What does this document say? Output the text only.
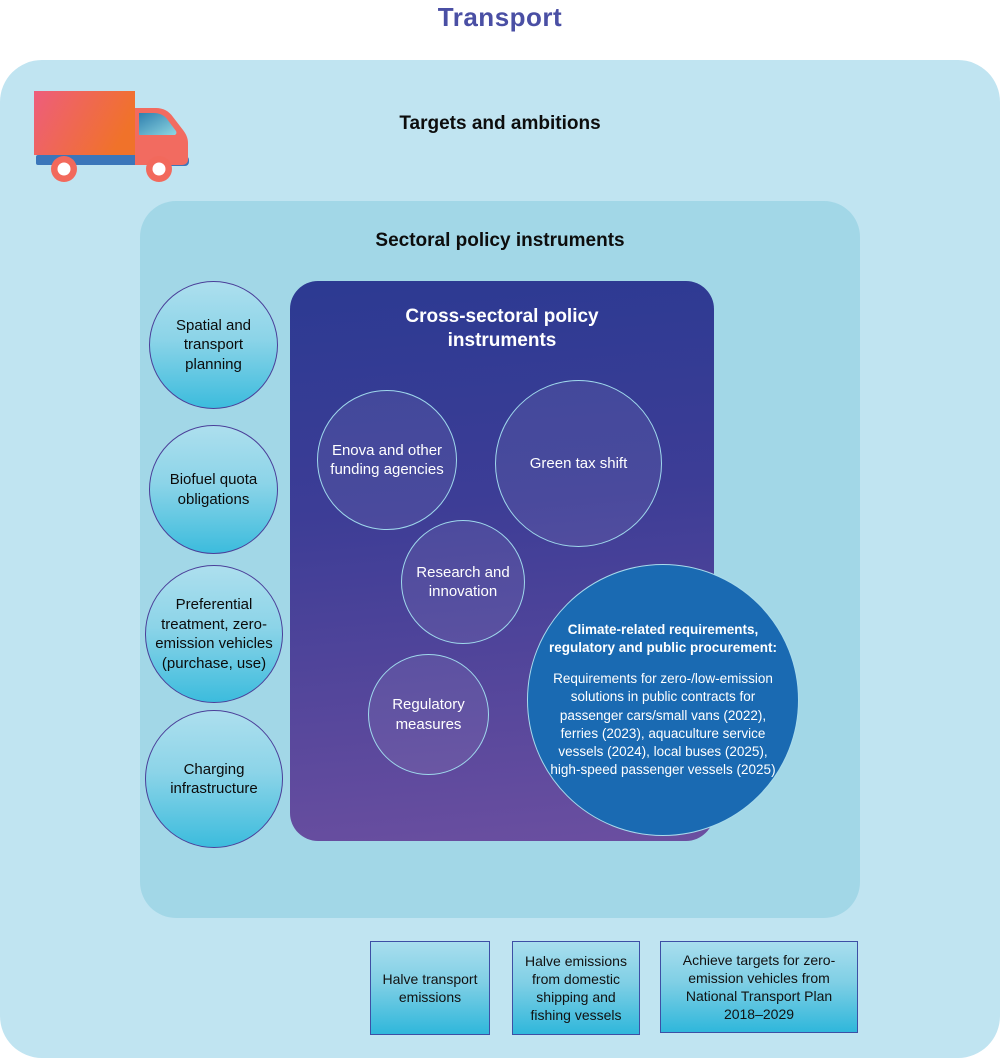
Transport
Targets and ambitions
Sectoral policy instruments
Spatial and transport planning
Biofuel quota obligations
Preferential treatment, zero-emission vehicles (purchase, use)
Charging infrastructure
Cross-sectoral policy instruments
Enova and other funding agencies	Green tax shift
Research and innovation
Regulatory measures
Climate-related requirements, regulatory and public procurement:
Requirements for zero-/low-emission solutions in public contracts for passenger cars/small vans (2022), ferries (2023), aquaculture service vessels (2024), local buses (2025), high-speed passenger vessels (2025)
Halve transport emissions
Halve emissions from domestic shipping and fishing vessels
Achieve targets for zero-emission vehicles from National Transport Plan 2018–2029
